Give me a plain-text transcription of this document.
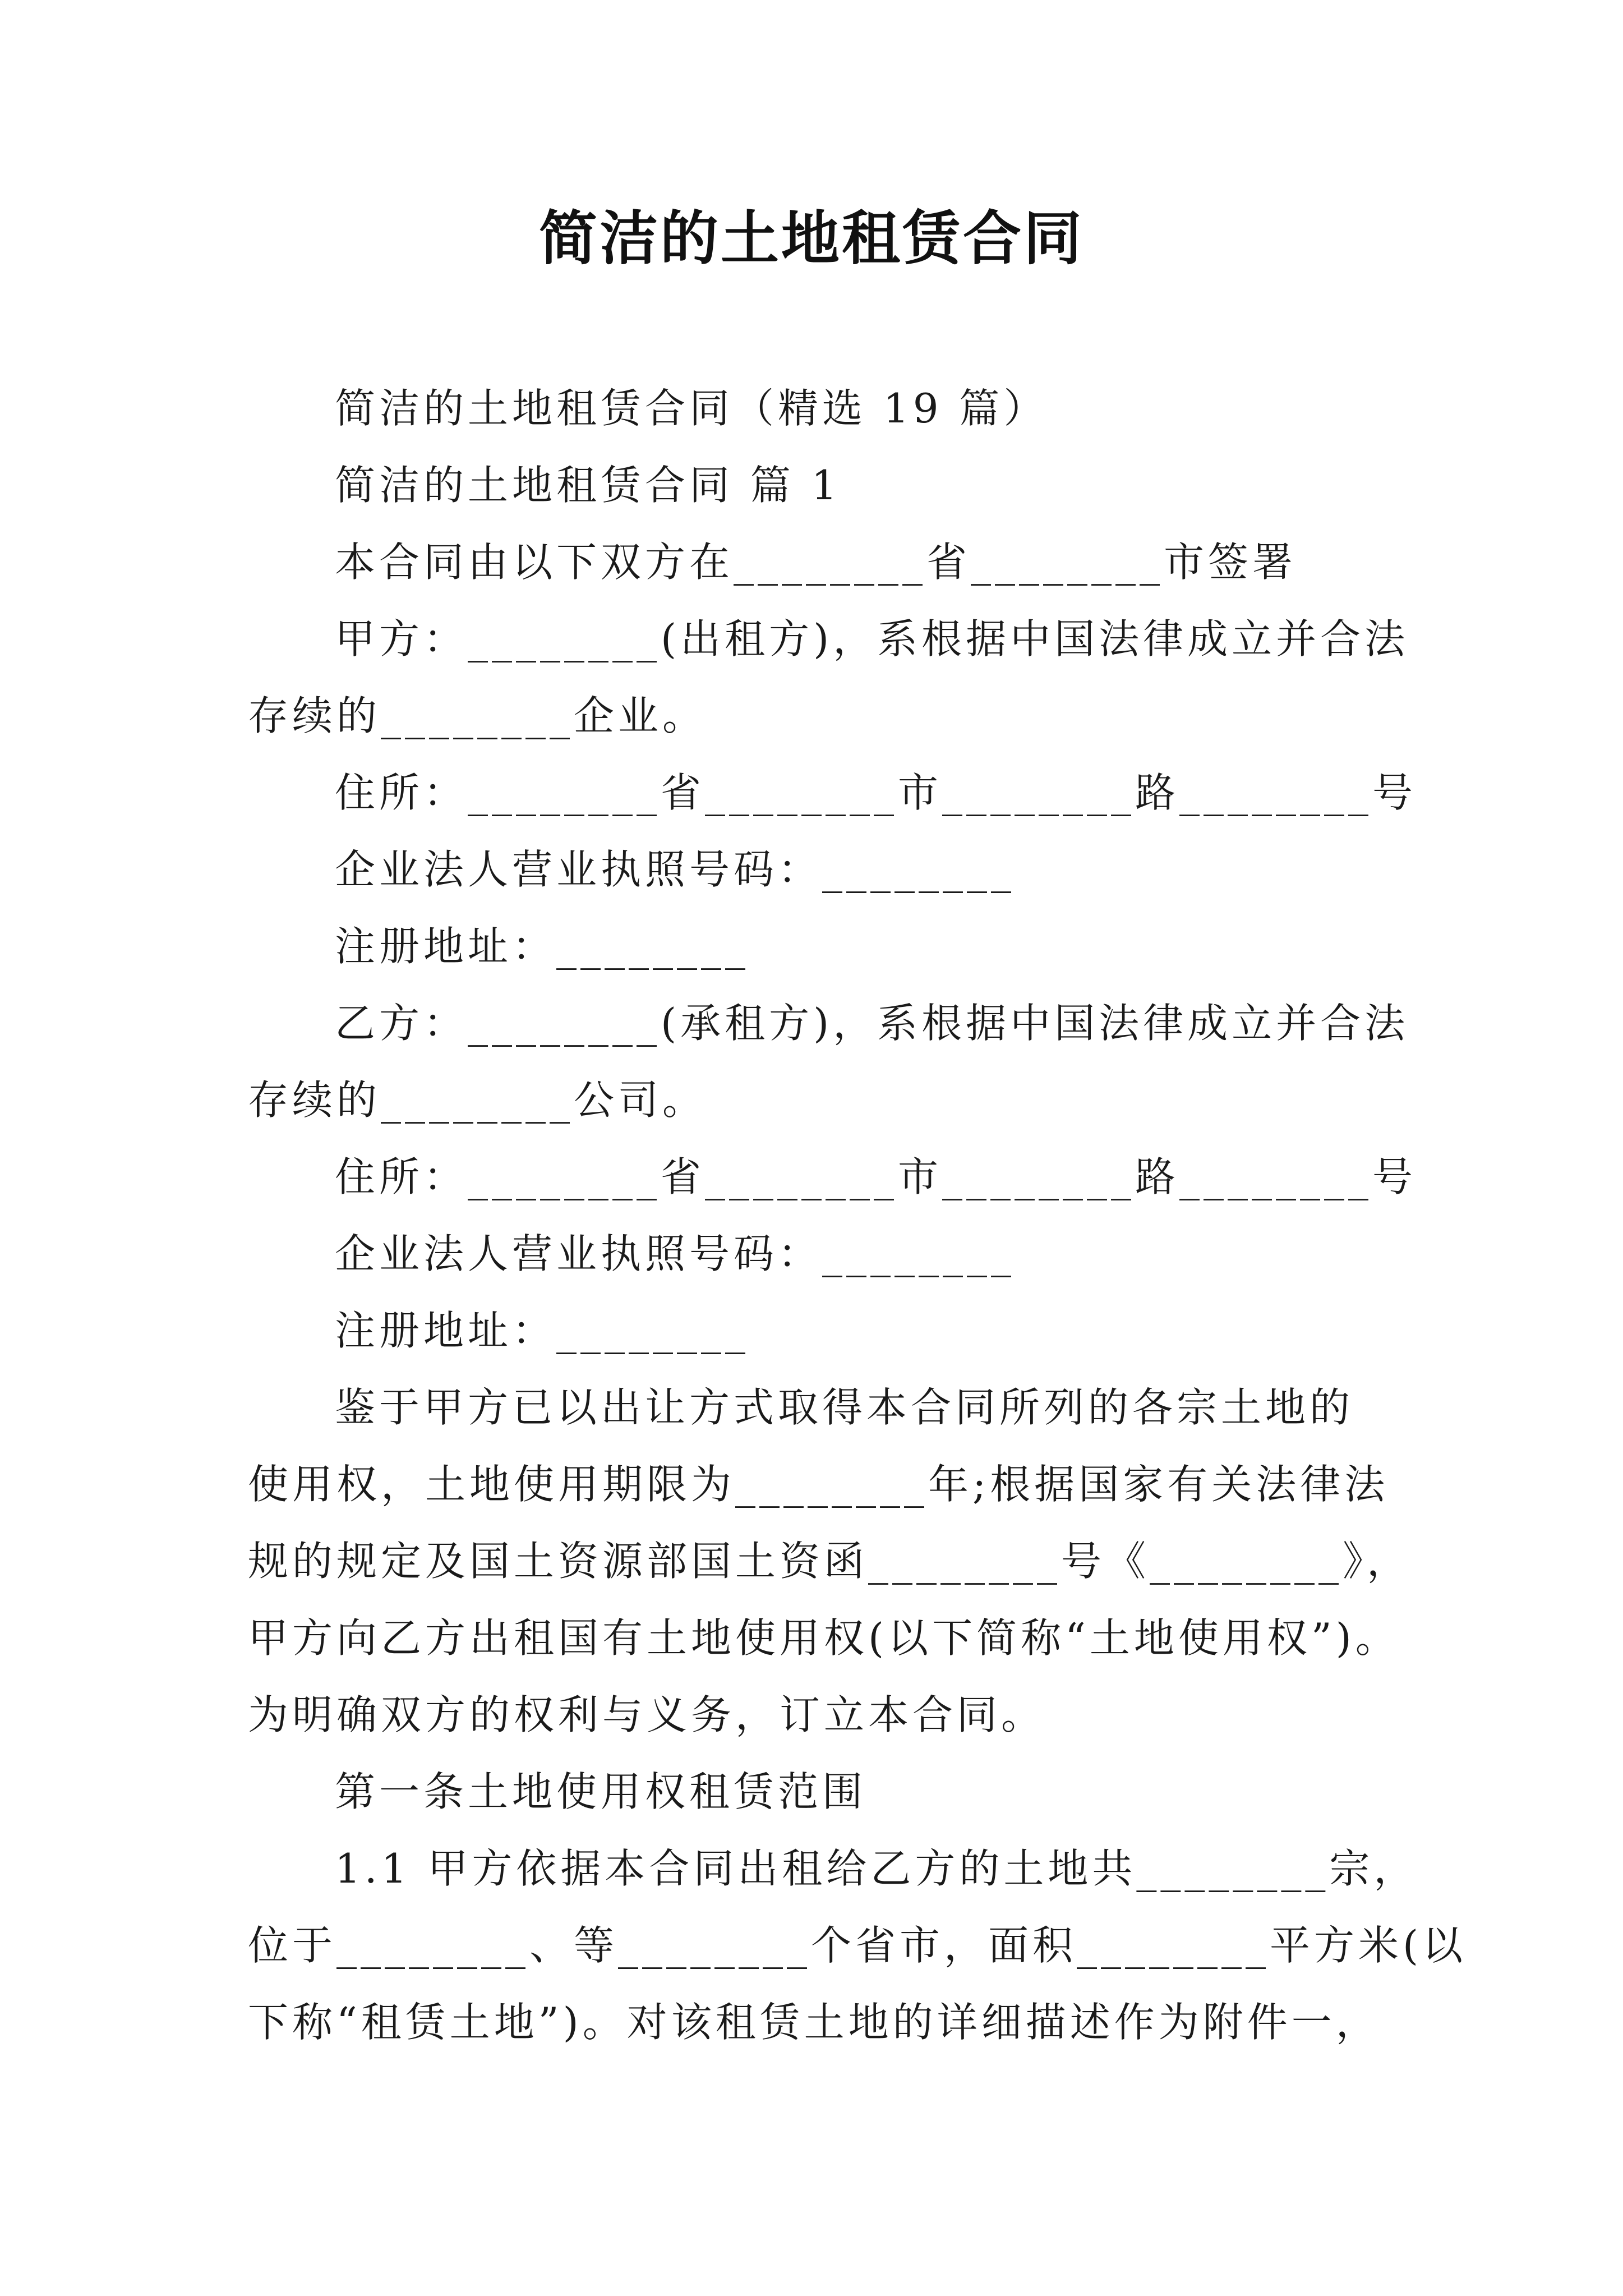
简洁的土地租赁合同
简洁的土地租赁合同（精选 19 篇）
简洁的土地租赁合同 篇 1
本合同由以下双方在________省________市签署
甲方：________(出租方)，系根据中国法律成立并合法
存续的________企业。
住所：________省________市________路________号
企业法人营业执照号码：________
注册地址：________
乙方：________(承租方)，系根据中国法律成立并合法
存续的________公司。
住所：________省________市________路________号
企业法人营业执照号码：________
注册地址：________
鉴于甲方已以出让方式取得本合同所列的各宗土地的
使用权，土地使用期限为________年;根据国家有关法律法
规的规定及国土资源部国土资函________号《________》，
甲方向乙方出租国有土地使用权(以下简称“土地使用权”)。
为明确双方的权利与义务，订立本合同。
第一条土地使用权租赁范围
1.1 甲方依据本合同出租给乙方的土地共________宗，
位于________、等________个省市，面积________平方米(以
下称“租赁土地”)。对该租赁土地的详细描述作为附件一，
